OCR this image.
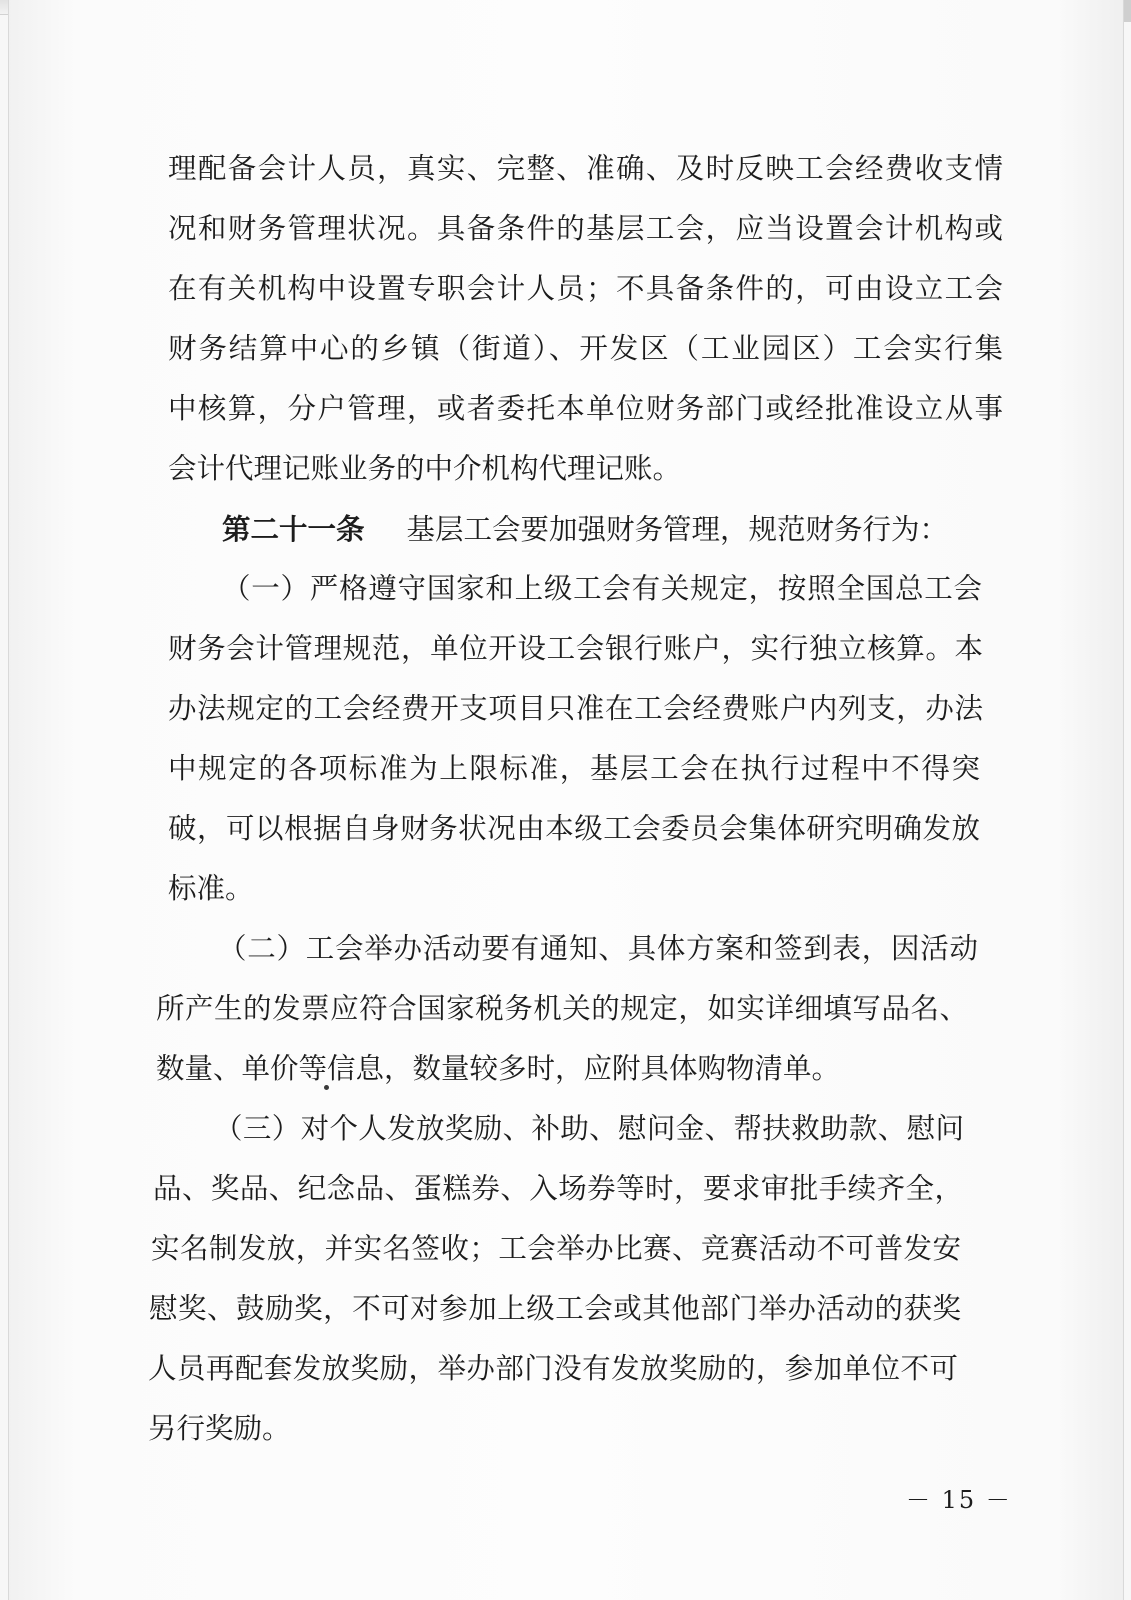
理配备会计人员，真实、完整、准确、及时反映工会经费收支情
况和财务管理状况。具备条件的基层工会，应当设置会计机构或
在有关机构中设置专职会计人员；不具备条件的，可由设立工会
财务结算中心的乡镇（街道）、开发区（工业园区）工会实行集
中核算，分户管理，或者委托本单位财务部门或经批准设立从事
会计代理记账业务的中介机构代理记账。
第二十一条 基层工会要加强财务管理，规范财务行为：
（一）严格遵守国家和上级工会有关规定，按照全国总工会
财务会计管理规范，单位开设工会银行账户，实行独立核算。本
办法规定的工会经费开支项目只准在工会经费账户内列支，办法
中规定的各项标准为上限标准，基层工会在执行过程中不得突
破，可以根据自身财务状况由本级工会委员会集体研究明确发放
标准。
（二）工会举办活动要有通知、具体方案和签到表，因活动
所产生的发票应符合国家税务机关的规定，如实详细填写品名、
数量、单价等信息，数量较多时，应附具体购物清单。
（三）对个人发放奖励、补助、慰问金、帮扶救助款、慰问
品、奖品、纪念品、蛋糕券、入场券等时，要求审批手续齐全，
实名制发放，并实名签收；工会举办比赛、竞赛活动不可普发安
慰奖、鼓励奖，不可对参加上级工会或其他部门举办活动的获奖
人员再配套发放奖励，举办部门没有发放奖励的，参加单位不可
另行奖励。
－ 15 －
